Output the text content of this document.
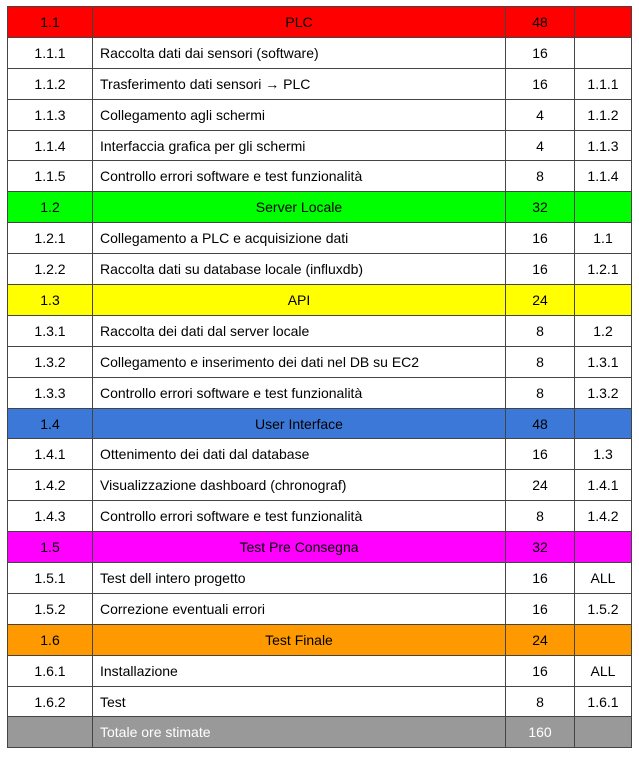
1.1	PLC	48	
1.1.1	Raccolta dati dai sensori (software)	16	
1.1.2	Trasferimento dati sensori → PLC	16	1.1.1
1.1.3	Collegamento agli schermi	4	1.1.2
1.1.4	Interfaccia grafica per gli schermi	4	1.1.3
1.1.5	Controllo errori software e test funzionalità	8	1.1.4
1.2	Server Locale	32	
1.2.1	Collegamento a PLC e acquisizione dati	16	1.1
1.2.2	Raccolta dati su database locale (influxdb)	16	1.2.1
1.3	API	24	
1.3.1	Raccolta dei dati dal server locale	8	1.2
1.3.2	Collegamento e inserimento dei dati nel DB su EC2	8	1.3.1
1.3.3	Controllo errori software e test funzionalità	8	1.3.2
1.4	User Interface	48	
1.4.1	Ottenimento dei dati dal database	16	1.3
1.4.2	Visualizzazione dashboard (chronograf)	24	1.4.1
1.4.3	Controllo errori software e test funzionalità	8	1.4.2
1.5	Test Pre Consegna	32	
1.5.1	Test dell intero progetto	16	ALL
1.5.2	Correzione eventuali errori	16	1.5.2
1.6	Test Finale	24	
1.6.1	Installazione	16	ALL
1.6.2	Test	8	1.6.1
	Totale ore stimate	160	
